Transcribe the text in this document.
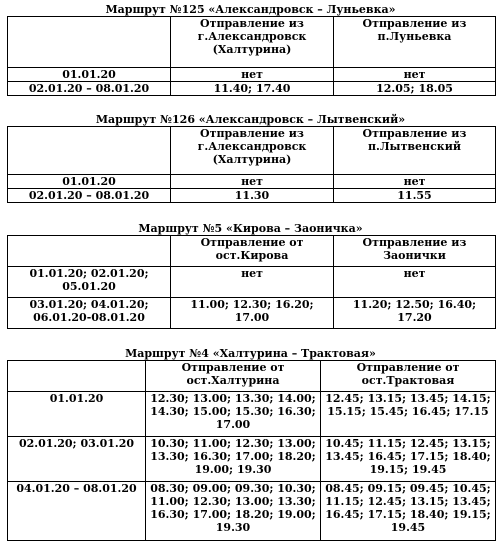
Маршрут №125 «Александровск – Луньевка»
	Отправление из г.Александровск (Халтурина)	Отправление из п.Луньевка
01.01.20	нет	нет
02.01.20 – 08.01.20	11.40; 17.40	12.05; 18.05
Маршрут №126 «Александровск – Лытвенский»
	Отправление из г.Александровск (Халтурина)	Отправление из п.Лытвенский
01.01.20	нет	нет
02.01.20 – 08.01.20	11.30	11.55
Маршрут №5 «Кирова – Заоничка»
	Отправление от ост.Кирова	Отправление из Заонички
01.01.20; 02.01.20; 05.01.20	нет	нет
03.01.20; 04.01.20; 06.01.20-08.01.20	11.00; 12.30; 16.20; 17.00	11.20; 12.50; 16.40; 17.20
Маршрут №4 «Халтурина – Трактовая»
	Отправление от ост.Халтурина	Отправление от ост.Трактовая
01.01.20	12.30; 13.00; 13.30; 14.00; 14.30; 15.00; 15.30; 16.30; 17.00	12.45; 13.15; 13.45; 14.15; 15.15; 15.45; 16.45; 17.15
02.01.20; 03.01.20	10.30; 11.00; 12.30; 13.00; 13.30; 16.30; 17.00; 18.20; 19.00; 19.30	10.45; 11.15; 12.45; 13.15; 13.45; 16.45; 17.15; 18.40; 19.15; 19.45
04.01.20 – 08.01.20	08.30; 09.00; 09.30; 10.30; 11.00; 12.30; 13.00; 13.30; 16.30; 17.00; 18.20; 19.00; 19.30	08.45; 09.15; 09.45; 10.45; 11.15; 12.45; 13.15; 13.45; 16.45; 17.15; 18.40; 19.15; 19.45
